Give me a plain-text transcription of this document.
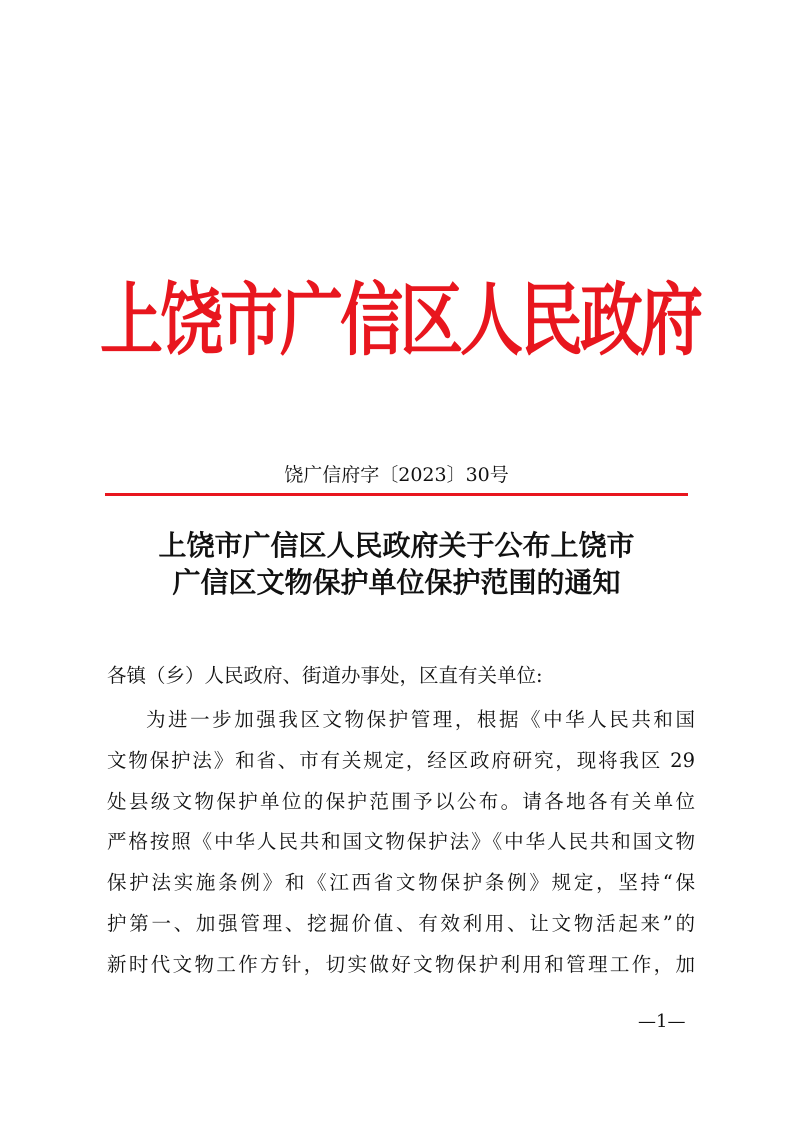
上饶市广信区人民政府
饶广信府字〔2023〕30号
上饶市广信区人民政府关于公布上饶市
广信区文物保护单位保护范围的通知
各镇（乡）人民政府、街道办事处，区直有关单位:
为进一步加强我区文物保护管理，根据《中华人民共和国
文物保护法》和省、市有关规定，经区政府研究，现将我区 29
处县级文物保护单位的保护范围予以公布。请各地各有关单位
严格按照《中华人民共和国文物保护法》《中华人民共和国文物
保护法实施条例》和《江西省文物保护条例》规定，坚持“保
护第一、加强管理、挖掘价值、有效利用、让文物活起来”的
新时代文物工作方针，切实做好文物保护利用和管理工作，加
—1—
